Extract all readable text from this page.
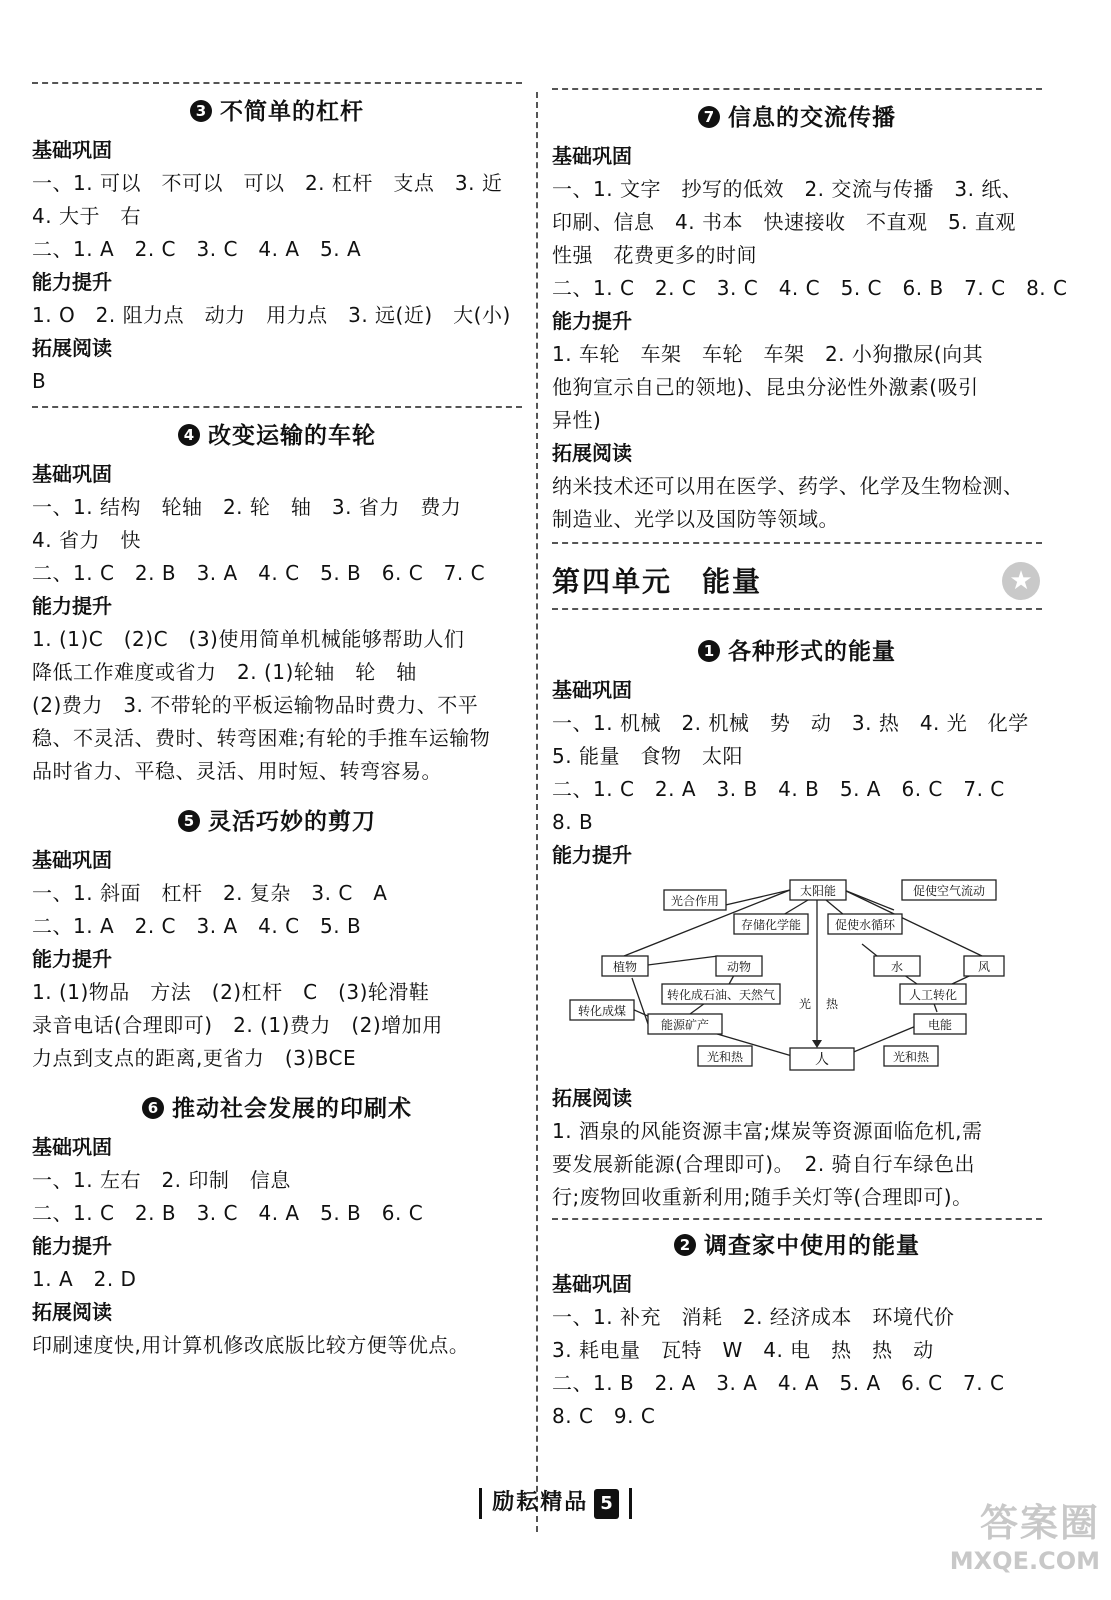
3 不简单的杠杆
基础巩固
一、1. 可以　不可以　可以　2. 杠杆　支点　3. 近
4. 大于　右
二、1. A　2. C　3. C　4. A　5. A
能力提升
1. O　2. 阻力点　动力　用力点　3. 远(近)　大(小)
拓展阅读
B
4 改变运输的车轮
基础巩固
一、1. 结构　轮轴　2. 轮　轴　3. 省力　费力
4. 省力　快
二、1. C　2. B　3. A　4. C　5. B　6. C　7. C
能力提升
1. (1)C　(2)C　(3)使用简单机械能够帮助人们
降低工作难度或省力　2. (1)轮轴　轮　轴
(2)费力　3. 不带轮的平板运输物品时费力、不平
稳、不灵活、费时、转弯困难;有轮的手推车运输物
品时省力、平稳、灵活、用时短、转弯容易。
5 灵活巧妙的剪刀
基础巩固
一、1. 斜面　杠杆　2. 复杂　3. C　A
二、1. A　2. C　3. A　4. C　5. B
能力提升
1. (1)物品　方法　(2)杠杆　C　(3)轮滑鞋
录音电话(合理即可)　2. (1)费力　(2)增加用
力点到支点的距离,更省力　(3)BCE
6 推动社会发展的印刷术
基础巩固
一、1. 左右　2. 印制　信息
二、1. C　2. B　3. C　4. A　5. B　6. C
能力提升
1. A　2. D
拓展阅读
印刷速度快,用计算机修改底版比较方便等优点。
7 信息的交流传播
基础巩固
一、1. 文字　抄写的低效　2. 交流与传播　3. 纸、
印刷、信息　4. 书本　快速接收　不直观　5. 直观
性强　花费更多的时间
二、1. C　2. C　3. C　4. C　5. C　6. B　7. C　8. C
能力提升
1. 车轮　车架　车轮　车架　2. 小狗撒尿(向其
他狗宣示自己的领地)、昆虫分泌性外激素(吸引
异性)
拓展阅读
纳米技术还可以用在医学、药学、化学及生物检测、
制造业、光学以及国防等领域。
第四单元　能量	★
1 各种形式的能量
基础巩固
一、1. 机械　2. 机械　势　动　3. 热　4. 光　化学
5. 能量　食物　太阳
二、1. C　2. A　3. B　4. B　5. A　6. C　7. C
8. B
能力提升
太阳能
光合作用
促使空气流动
存储化学能	促使水循环
植物	动物	水	风
转化成石油、天然气	人工转化
转化成煤
能源矿产	电能
光 热
光和热	人	光和热
拓展阅读
1. 酒泉的风能资源丰富;煤炭等资源面临危机,需
要发展新能源(合理即可)。　2. 骑自行车绿色出
行;废物回收重新利用;随手关灯等(合理即可)。
2 调查家中使用的能量
基础巩固
一、1. 补充　消耗　2. 经济成本　环境代价
3. 耗电量　瓦特　W　4. 电　热　热　动
二、1. B　2. A　3. A　4. A　5. A　6. C　7. C
8. C　9. C
励耘精品 5	答案圈
MXQE.COM
